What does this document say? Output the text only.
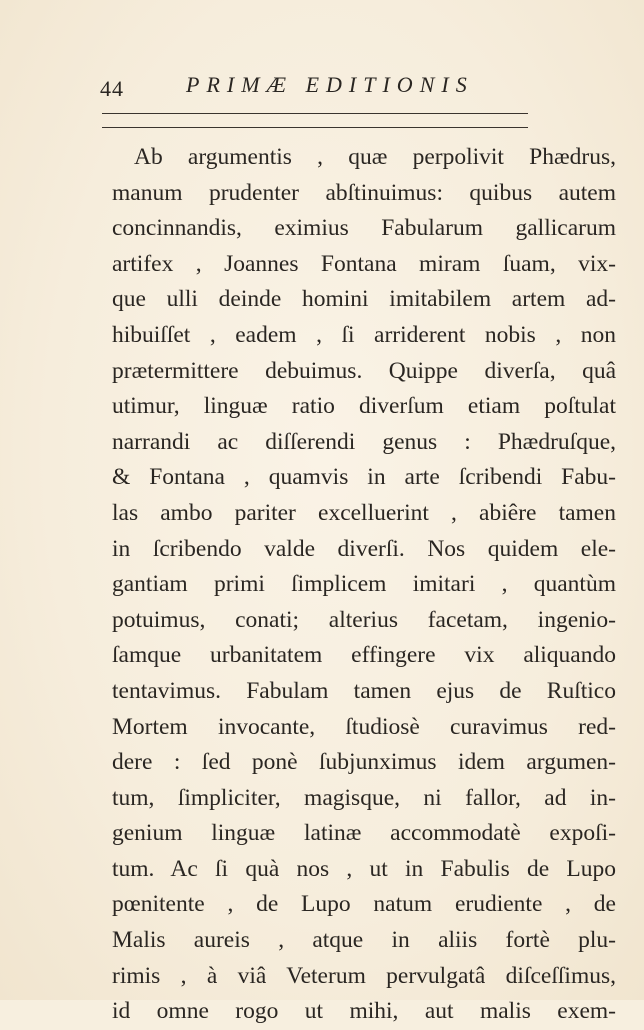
44	PRIMÆ EDITIONIS
Ab argumentis , quæ perpolivit Phædrus,
manum prudenter abſtinuimus: quibus autem
concinnandis, eximius Fabularum gallicarum
artifex , Joannes Fontana miram ſuam, vix-
que ulli deinde homini imitabilem artem ad-
hibuiſſet , eadem , ſi arriderent nobis , non
prætermittere debuimus. Quippe diverſa, quâ
utimur, linguæ ratio diverſum etiam poſtulat
narrandi ac diſſerendi genus : Phædruſque,
& Fontana , quamvis in arte ſcribendi Fabu-
las ambo pariter excelluerint , abiêre tamen
in ſcribendo valde diverſi. Nos quidem ele-
gantiam primi ſimplicem imitari , quantùm
potuimus, conati; alterius facetam, ingenio-
ſamque urbanitatem effingere vix aliquando
tentavimus. Fabulam tamen ejus de Ruſtico
Mortem invocante, ſtudiosè curavimus red-
dere : ſed ponè ſubjunximus idem argumen-
tum, ſimpliciter, magisque, ni fallor, ad in-
genium linguæ latinæ accommodatè expoſi-
tum. Ac ſi quà nos , ut in Fabulis de Lupo
pœnitente , de Lupo natum erudiente , de
Malis aureis , atque in aliis fortè plu-
rimis , à viâ Veterum pervulgatâ diſceſſimus,
id omne rogo ut mihi, aut malis exem-
